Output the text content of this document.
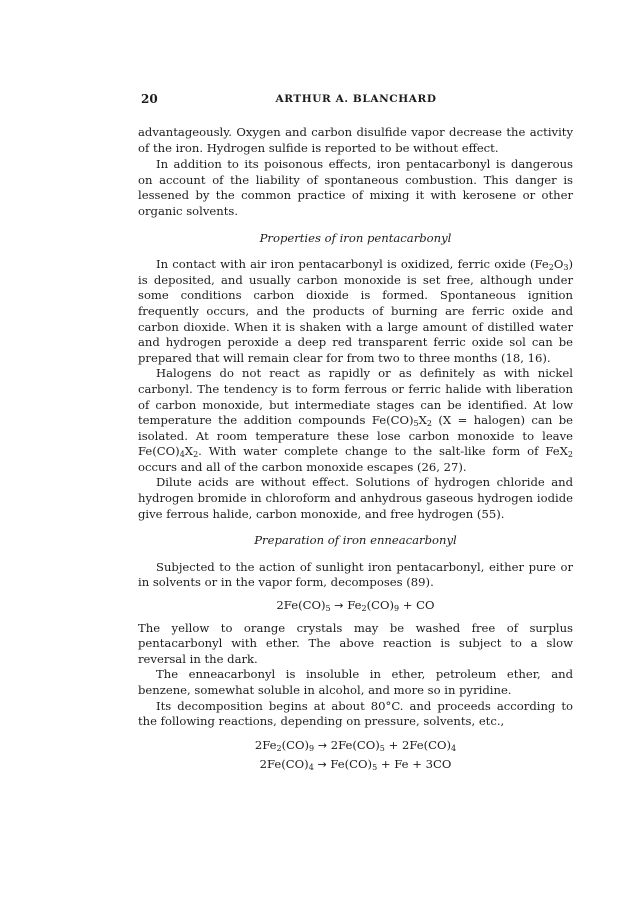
20	ARTHUR A. BLANCHARD

advantageously. Oxygen and carbon disulfide vapor decrease the activity of the iron. Hydrogen sulfide is reported to be without effect.

In addition to its poisonous effects, iron pentacarbonyl is dangerous on account of the liability of spontaneous combustion. This danger is lessened by the common practice of mixing it with kerosene or other organic solvents.

Properties of iron pentacarbonyl

In contact with air iron pentacarbonyl is oxidized, ferric oxide $(Fe_2O_3)$ is deposited, and usually carbon monoxide is set free, although under some conditions carbon dioxide is formed. Spontaneous ignition frequently occurs, and the products of burning are ferric oxide and carbon dioxide. When it is shaken with a large amount of distilled water and hydrogen peroxide a deep red transparent ferric oxide sol can be prepared that will remain clear for from two to three months (18, 16).

Halogens do not react as rapidly or as definitely as with nickel carbonyl. The tendency is to form ferrous or ferric halide with liberation of carbon monoxide, but intermediate stages can be identified. At low temperature the addition compounds $Fe(CO)_5X_2$ (X = halogen) can be isolated. At room temperature these lose carbon monoxide to leave $Fe(CO)_4X_2$. With water complete change to the salt-like form of FeX$_2$ occurs and all of the carbon monoxide escapes (26, 27).

Dilute acids are without effect. Solutions of hydrogen chloride and hydrogen bromide in chloroform and anhydrous gaseous hydrogen iodide give ferrous halide, carbon monoxide, and free hydrogen (55).

Preparation of iron enneacarbonyl

Subjected to the action of sunlight iron pentacarbonyl, either pure or in solvents or in the vapor form, decomposes (89).

$2Fe(CO)_5 \to Fe_2(CO)_9$ + CO

The yellow to orange crystals may be washed free of surplus pentacarbonyl with ether. The above reaction is subject to a slow reversal in the dark.

The enneacarbonyl is insoluble in ether, petroleum ether, and benzene, somewhat soluble in alcohol, and more so in pyridine.

Its decomposition begins at about 80°C. and proceeds according to the following reactions, depending on pressure, solvents, etc.,

$2Fe_2(CO)_9 \to 2Fe(CO)_5 + 2Fe(CO)_4$
$2Fe(CO)_4 \to Fe(CO)_5 + Fe + 3CO$
